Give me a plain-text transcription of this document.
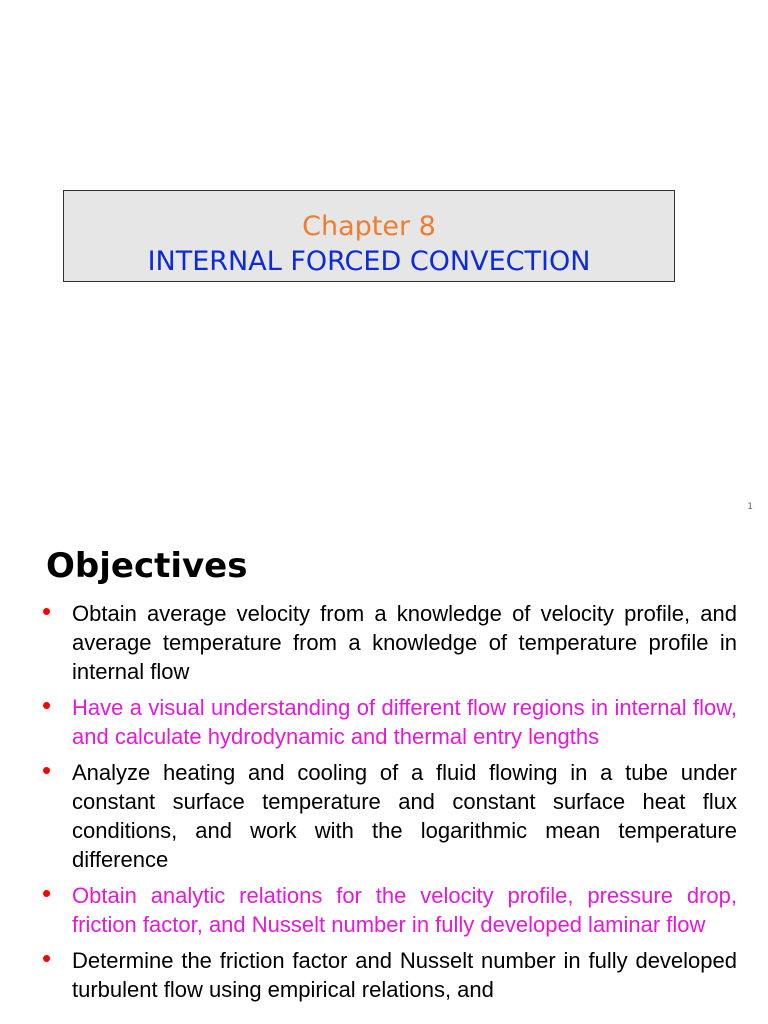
Chapter 8
INTERNAL FORCED CONVECTION
1
Objectives
• Obtain average velocity from a knowledge of velocity profile, and average temperature from a knowledge of temperature profile in internal flow
• Have a visual understanding of different flow regions in internal flow, and calculate hydrodynamic and thermal entry lengths
• Analyze heating and cooling of a fluid flowing in a tube under constant surface temperature and constant surface heat flux conditions, and work with the logarithmic mean temperature difference
• Obtain analytic relations for the velocity profile, pressure drop, friction factor, and Nusselt number in fully developed laminar flow
• Determine the friction factor and Nusselt number in fully developed turbulent flow using empirical relations, and
